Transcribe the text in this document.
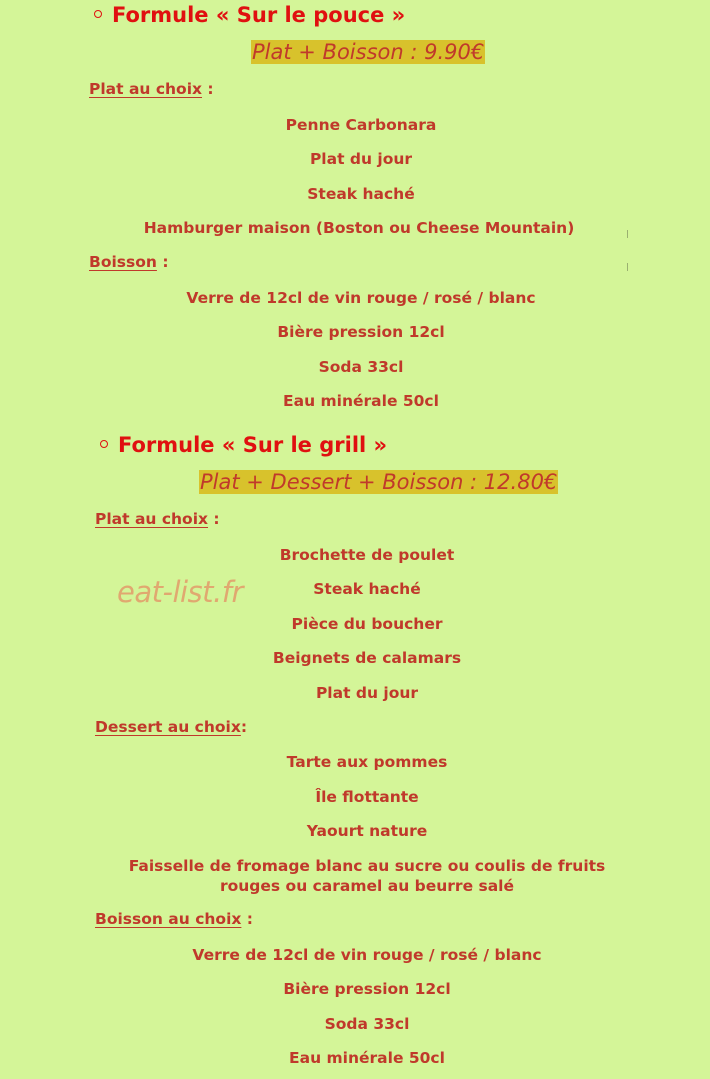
Formule « Sur le pouce »
Plat + Boisson : 9.90€
Plat au choix :
Penne Carbonara
Plat du jour
Steak haché
Hamburger maison (Boston ou Cheese Mountain)
Boisson :
Verre de 12cl de vin rouge / rosé / blanc
Bière pression 12cl
Soda 33cl
Eau minérale 50cl
Formule « Sur le grill »
Plat + Dessert + Boisson : 12.80€
Plat au choix :
Brochette de poulet
Steak haché
Pièce du boucher
Beignets de calamars
Plat du jour
eat-list.fr
Dessert au choix:
Tarte aux pommes
Île flottante
Yaourt nature
Faisselle de fromage blanc au sucre ou coulis de fruits rouges ou caramel au beurre salé
Boisson au choix :
Verre de 12cl de vin rouge / rosé / blanc
Bière pression 12cl
Soda 33cl
Eau minérale 50cl
